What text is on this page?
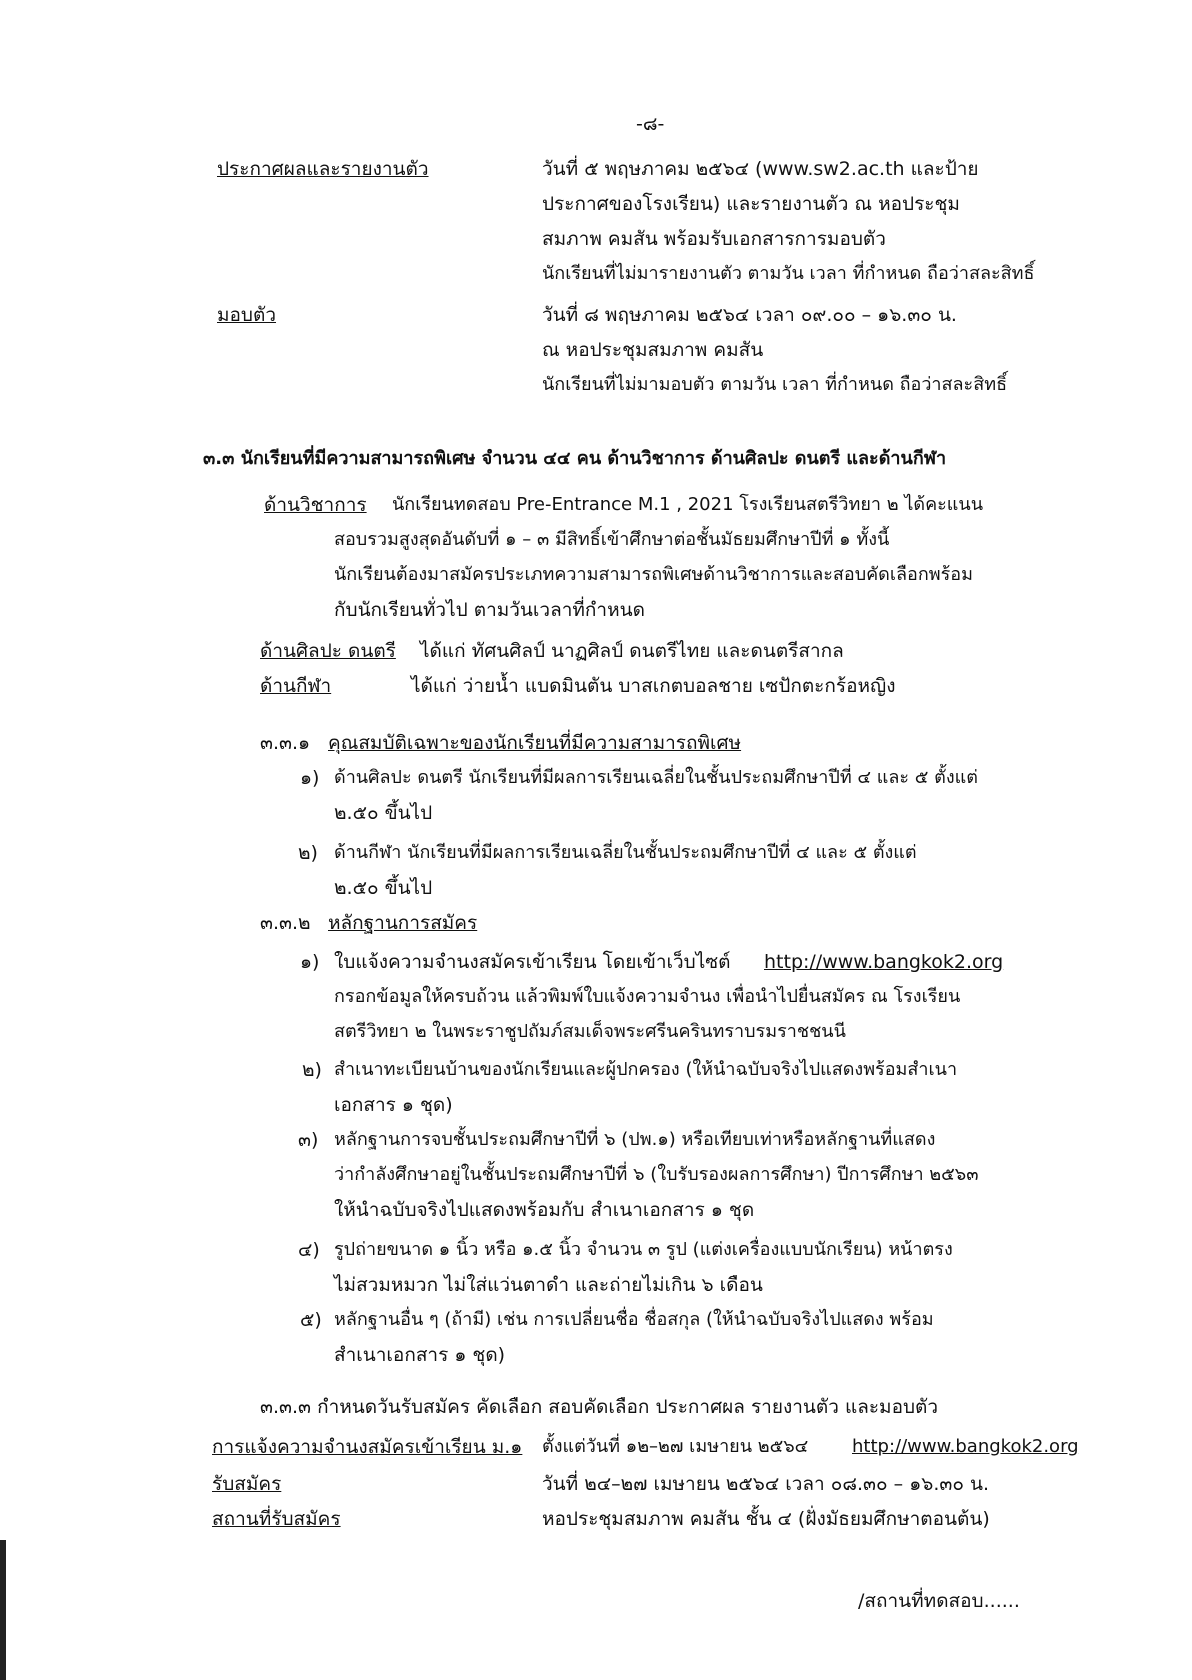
-๘-
ประกาศผลและรายงานตัว	วันที่ ๕ พฤษภาคม ๒๕๖๔ (www.sw2.ac.th และป้าย
ประกาศของโรงเรียน) และรายงานตัว ณ หอประชุม
สมภาพ คมสัน พร้อมรับเอกสารการมอบตัว
นักเรียนที่ไม่มารายงานตัว ตามวัน เวลา ที่กำหนด ถือว่าสละสิทธิ์
มอบตัว	วันที่ ๘ พฤษภาคม ๒๕๖๔ เวลา ๐๙.๐๐ – ๑๖.๓๐ น.
ณ หอประชุมสมภาพ คมสัน
นักเรียนที่ไม่มามอบตัว ตามวัน เวลา ที่กำหนด ถือว่าสละสิทธิ์
๓.๓ นักเรียนที่มีความสามารถพิเศษ จำนวน ๔๔ คน ด้านวิชาการ ด้านศิลปะ ดนตรี และด้านกีฬา
ด้านวิชาการ นักเรียนทดสอบ Pre-Entrance M.1 , 2021 โรงเรียนสตรีวิทยา ๒ ได้คะแนน
สอบรวมสูงสุดอันดับที่ ๑ – ๓ มีสิทธิ์เข้าศึกษาต่อชั้นมัธยมศึกษาปีที่ ๑ ทั้งนี้
นักเรียนต้องมาสมัครประเภทความสามารถพิเศษด้านวิชาการและสอบคัดเลือกพร้อม
กับนักเรียนทั่วไป ตามวันเวลาที่กำหนด
ด้านศิลปะ ดนตรี ได้แก่ ทัศนศิลป์ นาฏศิลป์ ดนตรีไทย และดนตรีสากล
ด้านกีฬา	ได้แก่ ว่ายน้ำ แบดมินตัน บาสเกตบอลชาย เซปักตะกร้อหญิง
๓.๓.๑ คุณสมบัติเฉพาะของนักเรียนที่มีความสามารถพิเศษ
๑) ด้านศิลปะ ดนตรี นักเรียนที่มีผลการเรียนเฉลี่ยในชั้นประถมศึกษาปีที่ ๔ และ ๕ ตั้งแต่
๒.๕๐ ขึ้นไป
๒) ด้านกีฬา นักเรียนที่มีผลการเรียนเฉลี่ยในชั้นประถมศึกษาปีที่ ๔ และ ๕ ตั้งแต่
๒.๕๐ ขึ้นไป
๓.๓.๒ หลักฐานการสมัคร
๑) ใบแจ้งความจำนงสมัครเข้าเรียน โดยเข้าเว็บไซต์ http://www.bangkok2.org
กรอกข้อมูลให้ครบถ้วน แล้วพิมพ์ใบแจ้งความจำนง เพื่อนำไปยื่นสมัคร ณ โรงเรียน
สตรีวิทยา ๒ ในพระราชูปถัมภ์สมเด็จพระศรีนครินทราบรมราชชนนี
๒) สำเนาทะเบียนบ้านของนักเรียนและผู้ปกครอง (ให้นำฉบับจริงไปแสดงพร้อมสำเนา
เอกสาร ๑ ชุด)
๓) หลักฐานการจบชั้นประถมศึกษาปีที่ ๖ (ปพ.๑) หรือเทียบเท่าหรือหลักฐานที่แสดง
ว่ากำลังศึกษาอยู่ในชั้นประถมศึกษาปีที่ ๖ (ใบรับรองผลการศึกษา) ปีการศึกษา ๒๕๖๓
ให้นำฉบับจริงไปแสดงพร้อมกับ สำเนาเอกสาร ๑ ชุด
๔) รูปถ่ายขนาด ๑ นิ้ว หรือ ๑.๕ นิ้ว จำนวน ๓ รูป (แต่งเครื่องแบบนักเรียน) หน้าตรง
ไม่สวมหมวก ไม่ใส่แว่นตาดำ และถ่ายไม่เกิน ๖ เดือน
๕) หลักฐานอื่น ๆ (ถ้ามี) เช่น การเปลี่ยนชื่อ ชื่อสกุล (ให้นำฉบับจริงไปแสดง พร้อม
สำเนาเอกสาร ๑ ชุด)
๓.๓.๓ กำหนดวันรับสมัคร คัดเลือก สอบคัดเลือก ประกาศผล รายงานตัว และมอบตัว
การแจ้งความจำนงสมัครเข้าเรียน ม.๑ ตั้งแต่วันที่ ๑๒–๒๗ เมษายน ๒๕๖๔ http://www.bangkok2.org
รับสมัคร	วันที่ ๒๔–๒๗ เมษายน ๒๕๖๔ เวลา ๐๘.๓๐ – ๑๖.๓๐ น.
สถานที่รับสมัคร	หอประชุมสมภาพ คมสัน ชั้น ๔ (ฝั่งมัธยมศึกษาตอนต้น)
/สถานที่ทดสอบ......
